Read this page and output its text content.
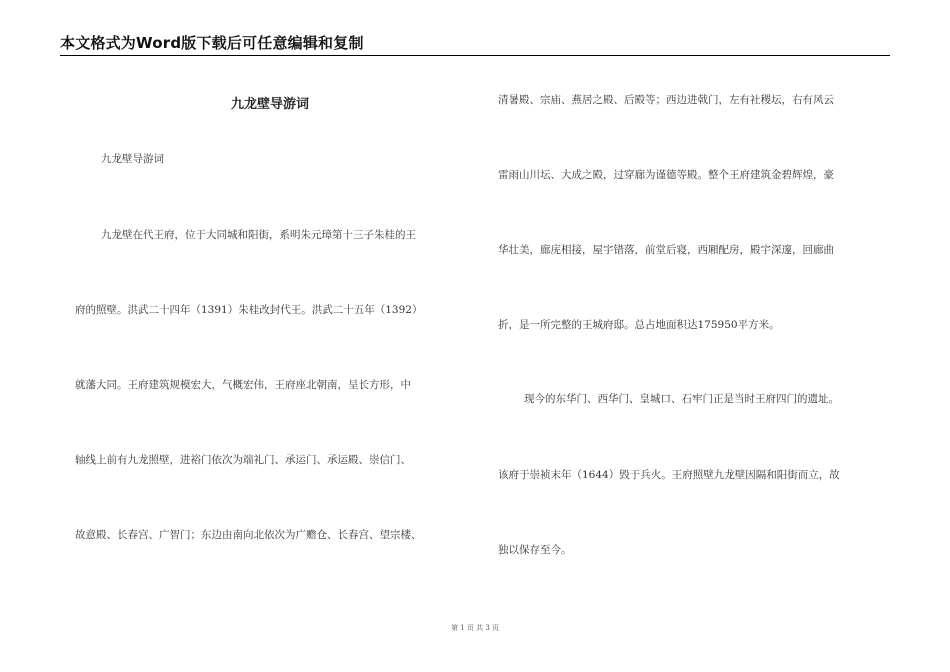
本文格式为Word版下载后可任意编辑和复制
九龙壁导游词
九龙壁导游词
九龙壁在代王府，位于大同城和阳街，系明朱元璋第十三子朱桂的王
府的照壁。洪武二十四年（1391）朱桂改封代王。洪武二十五年（1392）
就藩大同。王府建筑规模宏大，气概宏伟，王府座北朝南，呈长方形，中
轴线上前有九龙照壁，进裕门依次为端礼门、承运门、承运殿、崇信门、
故意殿、长春宫、广智门；东边由南向北依次为广赡仓、长春宫、望宗楼、
清暑殿、宗庙、燕居之殿、后殿等；西边进戟门，左有社稷坛，右有风云
雷雨山川坛、大成之殿，过穿廊为谨德等殿。整个王府建筑金碧辉煌，豪
华壮美，廊庑相接，屋宇错落，前堂后寝，西厢配房，殿宇深邃，回廊曲
折，是一所完整的王城府邸。总占地面积达175950平方米。
现今的东华门、西华门、皇城口、石牢门正是当时王府四门的遗址。
该府于崇祯末年（1644）毁于兵火。王府照壁九龙壁因隔和阳街而立，故
独以保存至今。
第 1 页 共 3 页
